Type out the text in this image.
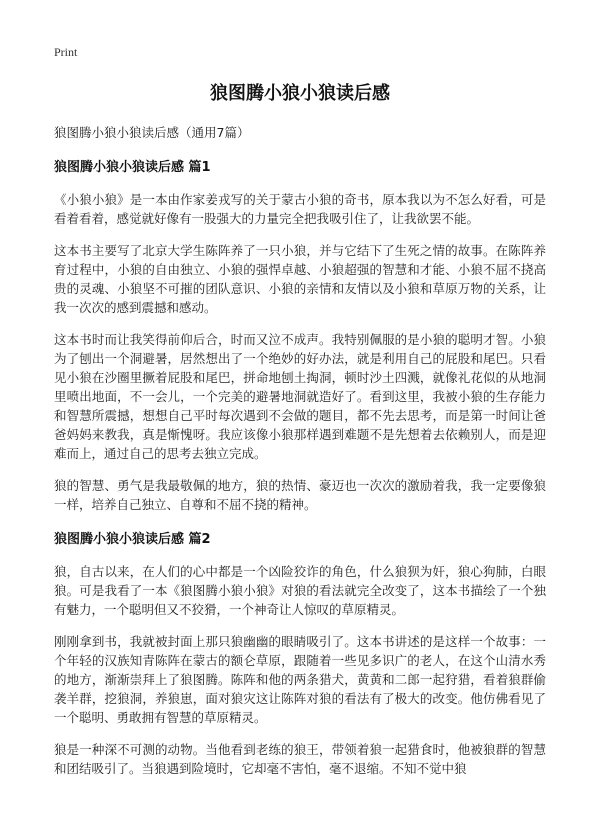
Print
狼图腾小狼小狼读后感
狼图腾小狼小狼读后感（通用7篇）
狼图腾小狼小狼读后感 篇1
《小狼小狼》是一本由作家姜戎写的关于蒙古小狼的奇书，原本我以为不怎么好看，可是看着看着，感觉就好像有一股强大的力量完全把我吸引住了，让我欲罢不能。
这本书主要写了北京大学生陈阵养了一只小狼，并与它结下了生死之情的故事。在陈阵养育过程中，小狼的自由独立、小狼的强悍卓越、小狼超强的智慧和才能、小狼不屈不挠高贵的灵魂、小狼坚不可摧的团队意识、小狼的亲情和友情以及小狼和草原万物的关系，让我一次次的感到震撼和感动。
这本书时而让我笑得前仰后合，时而又泣不成声。我特别佩服的是小狼的聪明才智。小狼为了刨出一个洞避暑，居然想出了一个绝妙的好办法，就是利用自己的屁股和尾巴。只看见小狼在沙圈里撅着屁股和尾巴，拼命地刨土掏洞，顿时沙土四溅，就像礼花似的从地洞里喷出地面，不一会儿，一个完美的避暑地洞就造好了。看到这里，我被小狼的生存能力和智慧所震撼，想想自己平时每次遇到不会做的题目，都不先去思考，而是第一时间让爸爸妈妈来教我，真是惭愧呀。我应该像小狼那样遇到难题不是先想着去依赖别人，而是迎难而上，通过自己的思考去独立完成。
狼的智慧、勇气是我最敬佩的地方，狼的热情、豪迈也一次次的激励着我，我一定要像狼一样，培养自己独立、自尊和不屈不挠的精神。
狼图腾小狼小狼读后感 篇2
狼，自古以来，在人们的心中都是一个凶险狡诈的角色，什么狼狈为奸，狼心狗肺，白眼狼。可是我看了一本《狼图腾小狼小狼》对狼的看法就完全改变了，这本书描绘了一个独有魅力，一个聪明但又不狡猾，一个神奇让人惊叹的草原精灵。
刚刚拿到书，我就被封面上那只狼幽幽的眼睛吸引了。这本书讲述的是这样一个故事：一个年轻的汉族知青陈阵在蒙古的额仑草原，跟随着一些见多识广的老人，在这个山清水秀的地方，渐渐崇拜上了狼图腾。陈阵和他的两条猎犬，黄黄和二郎一起狩猎，看着狼群偷袭羊群，挖狼洞，养狼崽，面对狼灾这让陈阵对狼的看法有了极大的改变。他仿佛看见了一个聪明、勇敢拥有智慧的草原精灵。
狼是一种深不可测的动物。当他看到老练的狼王，带领着狼一起猎食时，他被狼群的智慧和团结吸引了。当狼遇到险境时，它却毫不害怕，毫不退缩。不知不觉中狼
